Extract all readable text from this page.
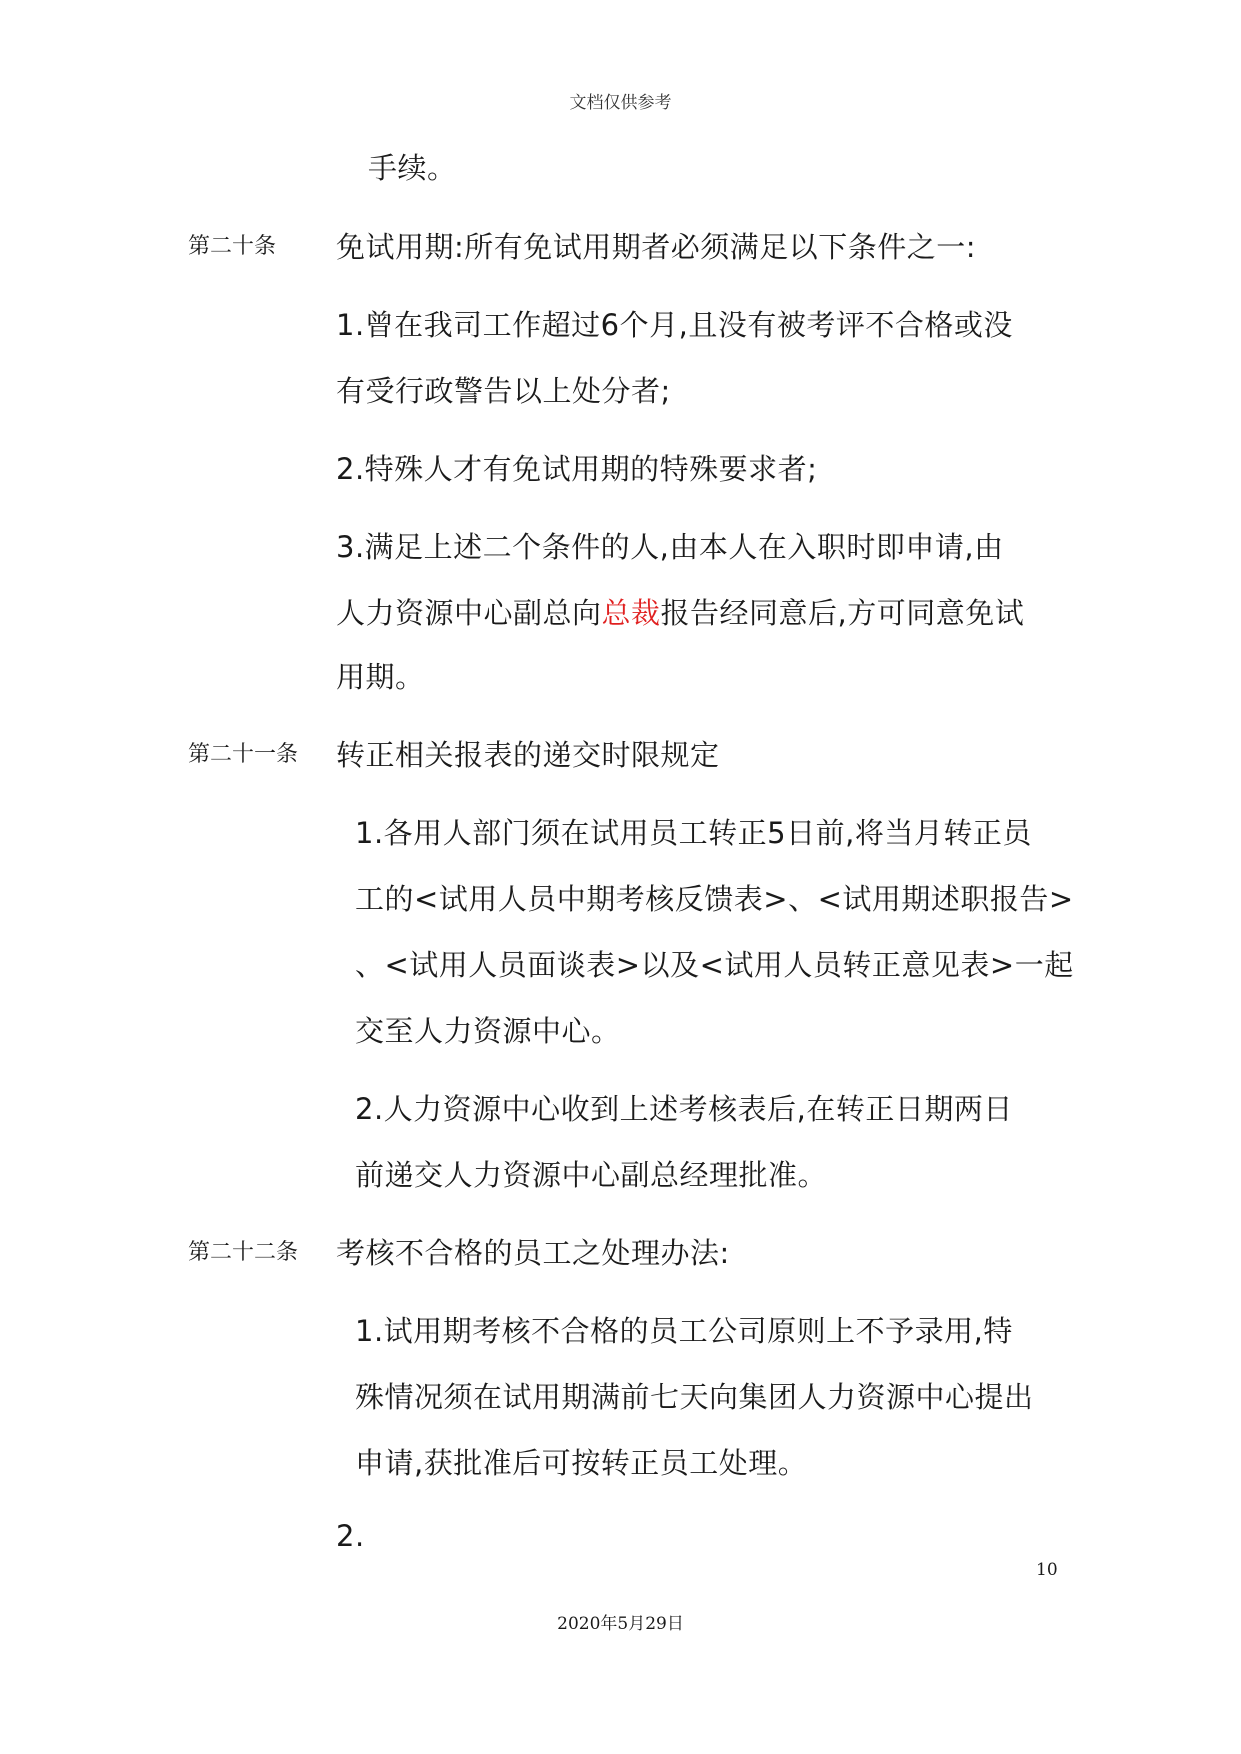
文档仅供参考
手续。
第二十条 免试用期:所有免试用期者必须满足以下条件之一:
1.曾在我司工作超过6个月,且没有被考评不合格或没
有受行政警告以上处分者;
2.特殊人才有免试用期的特殊要求者;
3.满足上述二个条件的人,由本人在入职时即申请,由
人力资源中心副总向总裁报告经同意后,方可同意免试
用期。
第二十一条 转正相关报表的递交时限规定
1.各用人部门须在试用员工转正5日前,将当月转正员
工的<试用人员中期考核反馈表>、<试用期述职报告>
、<试用人员面谈表>以及<试用人员转正意见表>一起
交至人力资源中心。
2.人力资源中心收到上述考核表后,在转正日期两日
前递交人力资源中心副总经理批准。
第二十二条 考核不合格的员工之处理办法:
1.试用期考核不合格的员工公司原则上不予录用,特
殊情况须在试用期满前七天向集团人力资源中心提出
申请,获批准后可按转正员工处理。
2.
10
2020年5月29日
